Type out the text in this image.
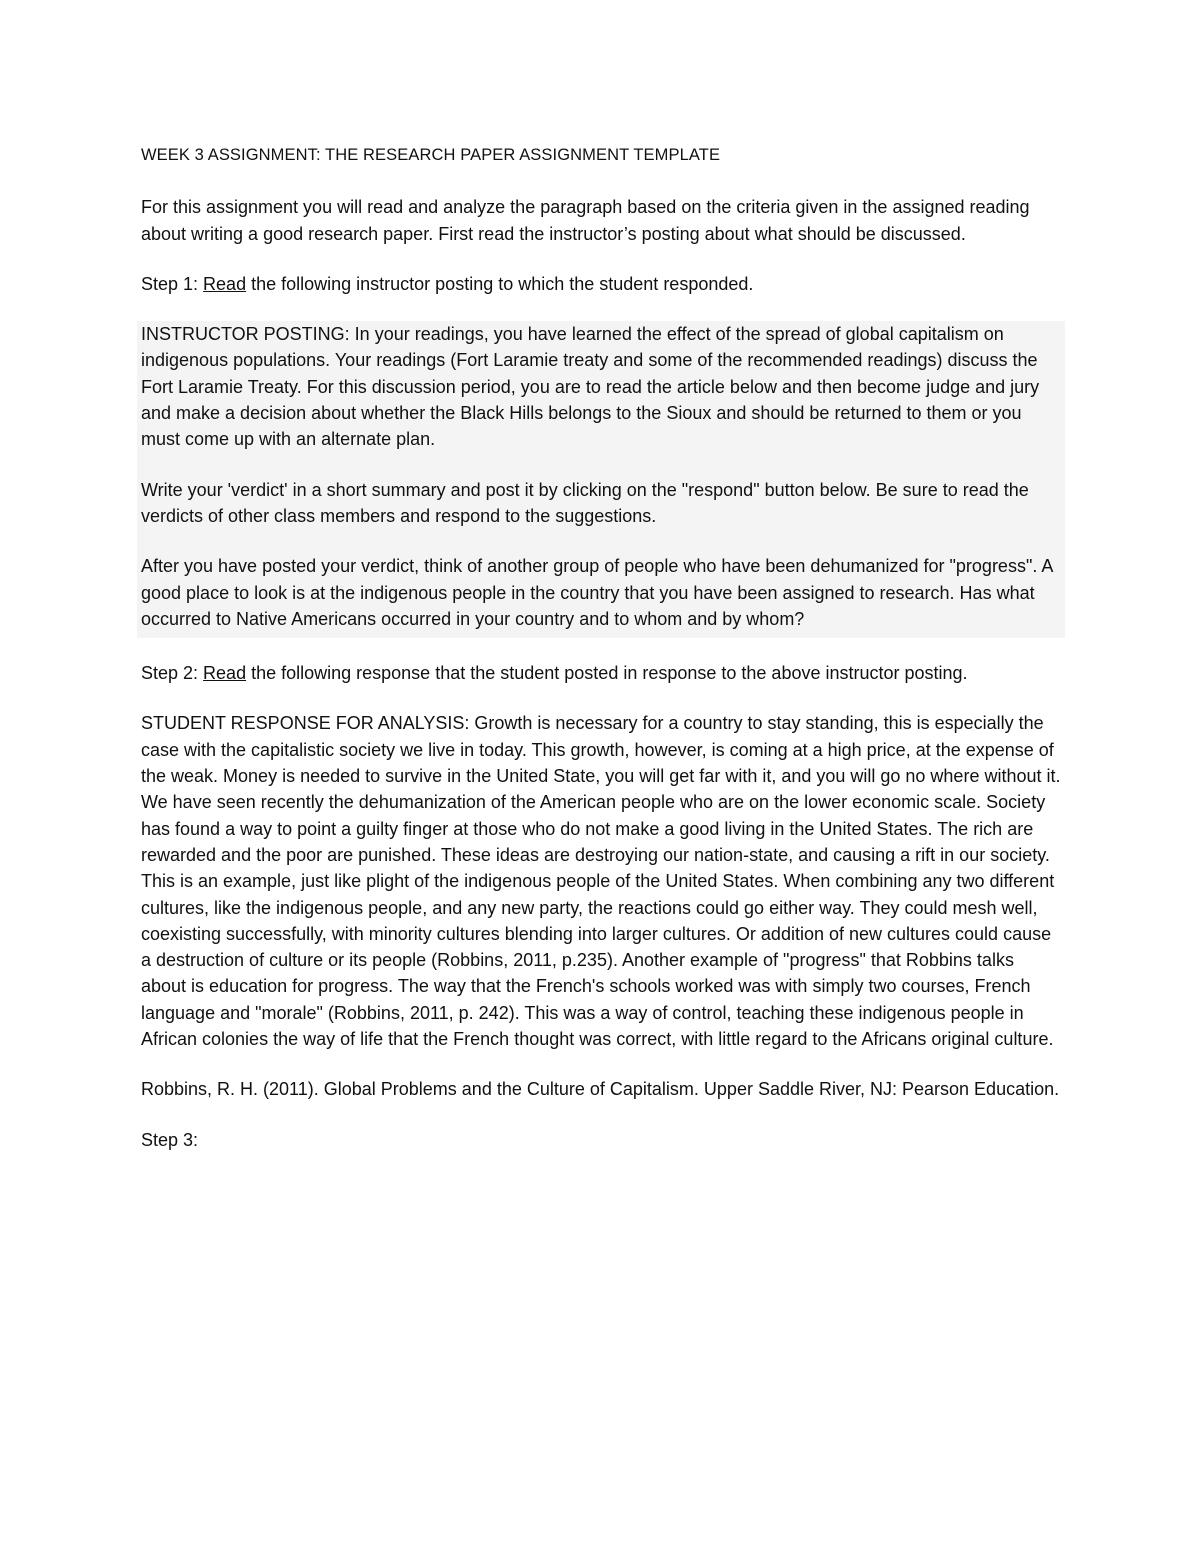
WEEK 3 ASSIGNMENT: THE RESEARCH PAPER ASSIGNMENT TEMPLATE

For this assignment you will read and analyze the paragraph based on the criteria given in the assigned reading about writing a good research paper. First read the instructor’s posting about what should be discussed.

Step 1: Read the following instructor posting to which the student responded.

INSTRUCTOR POSTING: In your readings, you have learned the effect of the spread of global capitalism on indigenous populations. Your readings (Fort Laramie treaty and some of the recommended readings) discuss the Fort Laramie Treaty. For this discussion period, you are to read the article below and then become judge and jury and make a decision about whether the Black Hills belongs to the Sioux and should be returned to them or you must come up with an alternate plan.

Write your 'verdict' in a short summary and post it by clicking on the "respond" button below. Be sure to read the verdicts of other class members and respond to the suggestions.

After you have posted your verdict, think of another group of people who have been dehumanized for "progress". A good place to look is at the indigenous people in the country that you have been assigned to research. Has what occurred to Native Americans occurred in your country and to whom and by whom?

Step 2: Read the following response that the student posted in response to the above instructor posting.

STUDENT RESPONSE FOR ANALYSIS: Growth is necessary for a country to stay standing, this is especially the case with the capitalistic society we live in today. This growth, however, is coming at a high price, at the expense of the weak. Money is needed to survive in the United State, you will get far with it, and you will go no where without it. We have seen recently the dehumanization of the American people who are on the lower economic scale. Society has found a way to point a guilty finger at those who do not make a good living in the United States. The rich are rewarded and the poor are punished. These ideas are destroying our nation-state, and causing a rift in our society. This is an example, just like plight of the indigenous people of the United States. When combining any two different cultures, like the indigenous people, and any new party, the reactions could go either way. They could mesh well, coexisting successfully, with minority cultures blending into larger cultures. Or addition of new cultures could cause a destruction of culture or its people (Robbins, 2011, p.235). Another example of "progress" that Robbins talks about is education for progress. The way that the French's schools worked was with simply two courses, French language and "morale" (Robbins, 2011, p. 242). This was a way of control, teaching these indigenous people in African colonies the way of life that the French thought was correct, with little regard to the Africans original culture.

Robbins, R. H. (2011). Global Problems and the Culture of Capitalism. Upper Saddle River, NJ: Pearson Education.

Step 3:
